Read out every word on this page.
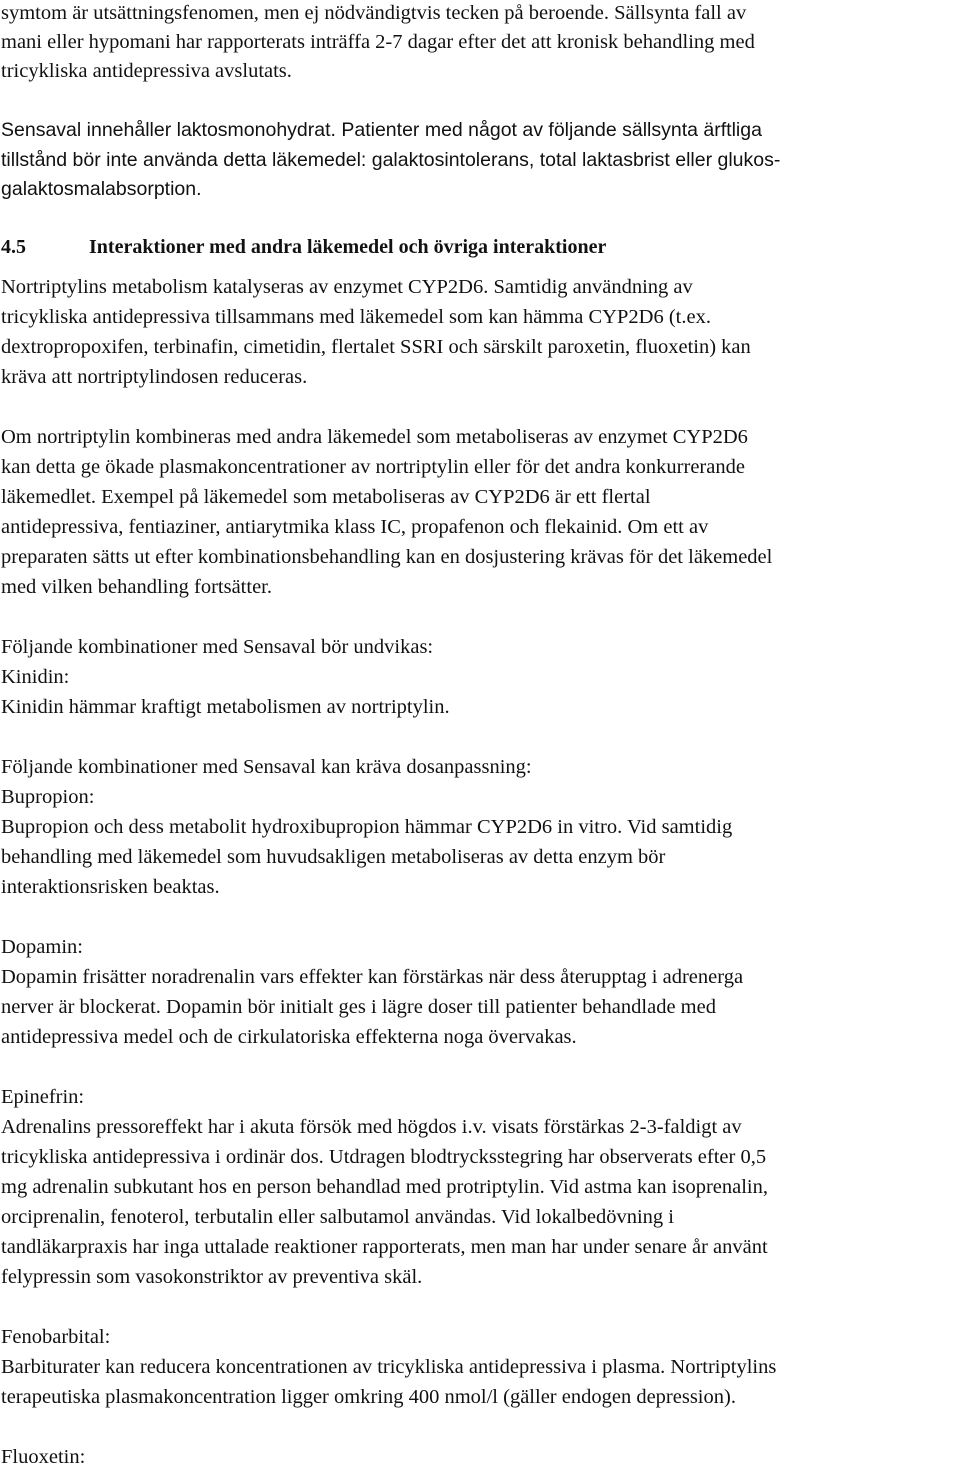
symtom är utsättningsfenomen, men ej nödvändigtvis tecken på beroende. Sällsynta fall av
mani eller hypomani har rapporterats inträffa 2-7 dagar efter det att kronisk behandling med
tricykliska antidepressiva avslutats.
Sensaval innehåller laktosmonohydrat. Patienter med något av följande sällsynta ärftliga
tillstånd bör inte använda detta läkemedel: galaktosintolerans, total laktasbrist eller glukos-
galaktosmalabsorption.
4.5	Interaktioner med andra läkemedel och övriga interaktioner
Nortriptylins metabolism katalyseras av enzymet CYP2D6. Samtidig användning av
tricykliska antidepressiva tillsammans med läkemedel som kan hämma CYP2D6 (t.ex.
dextropropoxifen, terbinafin, cimetidin, flertalet SSRI och särskilt paroxetin, fluoxetin) kan
kräva att nortriptylindosen reduceras.
Om nortriptylin kombineras med andra läkemedel som metaboliseras av enzymet CYP2D6
kan detta ge ökade plasmakoncentrationer av nortriptylin eller för det andra konkurrerande
läkemedlet. Exempel på läkemedel som metaboliseras av CYP2D6 är ett flertal
antidepressiva, fentiaziner, antiarytmika klass IC, propafenon och flekainid. Om ett av
preparaten sätts ut efter kombinationsbehandling kan en dosjustering krävas för det läkemedel
med vilken behandling fortsätter.
Följande kombinationer med Sensaval bör undvikas:
Kinidin:
Kinidin hämmar kraftigt metabolismen av nortriptylin.
Följande kombinationer med Sensaval kan kräva dosanpassning:
Bupropion:
Bupropion och dess metabolit hydroxibupropion hämmar CYP2D6 in vitro. Vid samtidig
behandling med läkemedel som huvudsakligen metaboliseras av detta enzym bör
interaktionsrisken beaktas.
Dopamin:
Dopamin frisätter noradrenalin vars effekter kan förstärkas när dess återupptag i adrenerga
nerver är blockerat. Dopamin bör initialt ges i lägre doser till patienter behandlade med
antidepressiva medel och de cirkulatoriska effekterna noga övervakas.
Epinefrin:
Adrenalins pressoreffekt har i akuta försök med högdos i.v. visats förstärkas 2-3-faldigt av
tricykliska antidepressiva i ordinär dos. Utdragen blodtrycksstegring har observerats efter 0,5
mg adrenalin subkutant hos en person behandlad med protriptylin. Vid astma kan isoprenalin,
orciprenalin, fenoterol, terbutalin eller salbutamol användas. Vid lokalbedövning i
tandläkarpraxis har inga uttalade reaktioner rapporterats, men man har under senare år använt
felypressin som vasokonstriktor av preventiva skäl.
Fenobarbital:
Barbiturater kan reducera koncentrationen av tricykliska antidepressiva i plasma. Nortriptylins
terapeutiska plasmakoncentration ligger omkring 400 nmol/l (gäller endogen depression).
Fluoxetin:
